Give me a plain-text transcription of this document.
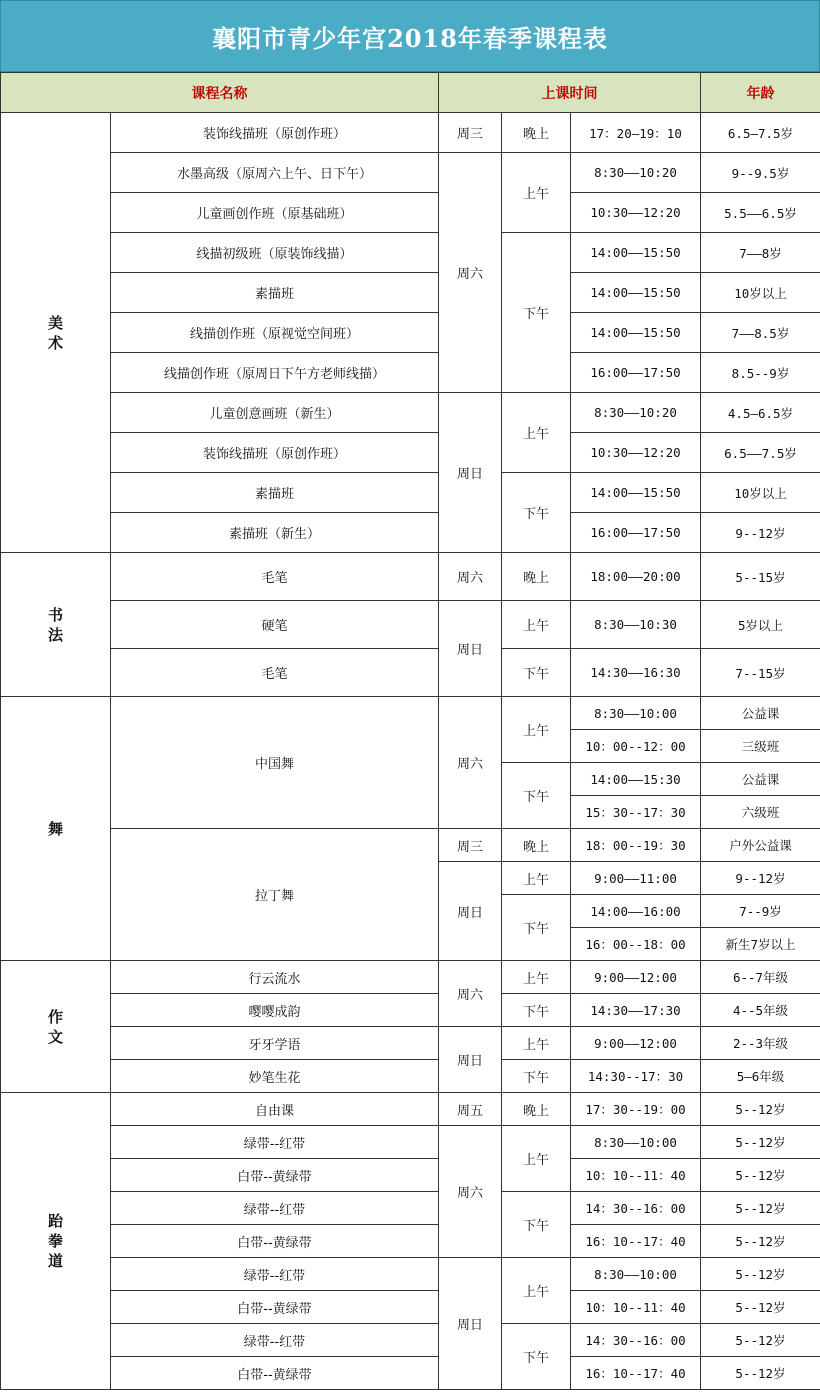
襄阳市青少年宫2018年春季课程表
课程名称		上课时间			年龄
美术	装饰线描班（原创作班）	周三	晚上	17：20—19：10	6.5—7.5岁
	水墨高级（原周六上午、日下午）	周六	上午	8:30——10:20	9--9.5岁
	儿童画创作班（原基础班）			10:30——12:20	5.5——6.5岁
	线描初级班（原装饰线描）		下午	14:00——15:50	7——8岁
	素描班			14:00——15:50	10岁以上
	线描创作班（原视觉空间班）			14:00——15:50	7——8.5岁
	线描创作班（原周日下午方老师线描）			16:00——17:50	8.5--9岁
	儿童创意画班（新生）	周日	上午	8:30——10:20	4.5—6.5岁
	装饰线描班（原创作班）			10:30——12:20	6.5——7.5岁
	素描班		下午	14:00——15:50	10岁以上
	素描班（新生）			16:00——17:50	9--12岁
书法	毛笔	周六	晚上	18:00——20:00	5--15岁
	硬笔	周日	上午	8:30——10:30	5岁以上
	毛笔		下午	14:30——16:30	7--15岁
舞	中国舞	周六	上午	8:30——10:00	公益课
				10：00--12：00	三级班
			下午	14:00——15:30	公益课
				15：30--17：30	六级班
	拉丁舞	周三	晚上	18：00--19：30	户外公益课
		周日	上午	9:00——11:00	9--12岁
			下午	14:00——16:00	7--9岁
				16：00--18：00	新生7岁以上
作文	行云流水	周六	上午	9:00——12:00	6--7年级
	嘤嘤成韵		下午	14:30——17:30	4--5年级
	牙牙学语	周日	上午	9:00——12:00	2--3年级
	妙笔生花		下午	14:30--17：30	5—6年级
跆拳道	自由课	周五	晚上	17：30--19：00	5--12岁
	绿带--红带	周六	上午	8:30——10:00	5--12岁
	白带--黄绿带			10：10--11：40	5--12岁
	绿带--红带		下午	14：30--16：00	5--12岁
	白带--黄绿带			16：10--17：40	5--12岁
	绿带--红带	周日	上午	8:30——10:00	5--12岁
	白带--黄绿带			10：10--11：40	5--12岁
	绿带--红带		下午	14：30--16：00	5--12岁
	白带--黄绿带			16：10--17：40	5--12岁
